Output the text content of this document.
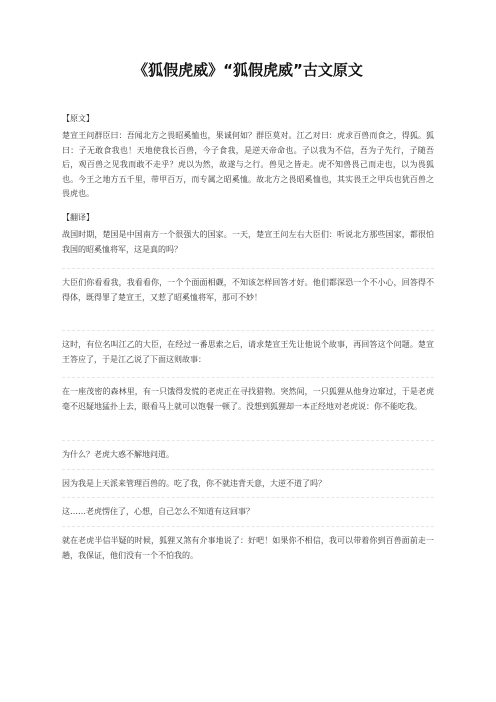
《狐假虎威》“狐假虎威”古文原文
【原文】

楚宣王问群臣曰：吾闻北方之畏昭奚恤也，果诚何如？群臣莫对。江乙对曰：虎求百兽而食之，得狐。狐曰：子无敢食我也！天地使我长百兽，今子食我，是逆天帝命也。子以我为不信，吾为子先行，子随吾后，观百兽之见我而敢不走乎？虎以为然，故遂与之行。兽见之皆走。虎不知兽畏己而走也，以为畏狐也。今王之地方五千里，带甲百万，而专属之昭奚恤。故北方之畏昭奚恤也，其实畏王之甲兵也犹百兽之畏虎也。

【翻译】

战国时期，楚国是中国南方一个很强大的国家。一天，楚宣王问左右大臣们：听说北方那些国家，都很怕我国的昭奚恤将军，这是真的吗？

大臣们你看看我，我看看你，一个个面面相觑，不知该怎样回答才好。他们都深恐一个不小心，回答得不得体，既得罪了楚宣王，又惹了昭奚恤将军，那可不妙！

这时，有位名叫江乙的大臣，在经过一番思索之后，请求楚宣王先让他说个故事，再回答这个问题。楚宣王答应了，于是江乙说了下面这则故事：

在一座茂密的森林里，有一只饿得发慌的老虎正在寻找猎物。突然间，一只狐狸从他身边窜过，于是老虎毫不迟疑地猛扑上去，眼看马上就可以饱餐一顿了。没想到狐狸却一本正经地对老虎说：你不能吃我。

为什么？老虎大惑不解地问道。

因为我是上天派来管理百兽的。吃了我，你不就违背天意，大逆不道了吗？

这……老虎愣住了，心想，自己怎么不知道有这回事？

就在老虎半信半疑的时候，狐狸又煞有介事地说了：好吧！如果你不相信，我可以带着你到百兽面前走一趟，我保证，他们没有一个不怕我的。
